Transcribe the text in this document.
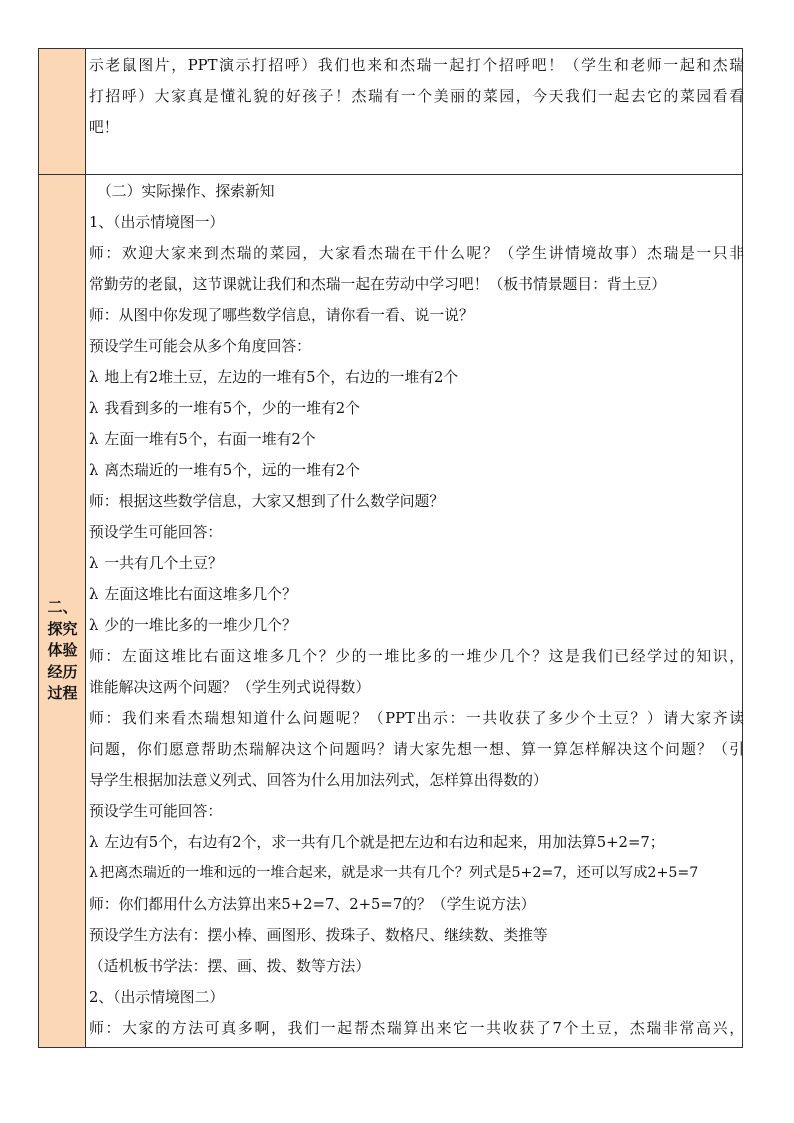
二、
探究
体验
经历
过程
示老鼠图片，PPT演示打招呼）我们也来和杰瑞一起打个招呼吧！（学生和老师一起和杰瑞
打招呼）大家真是懂礼貌的好孩子！杰瑞有一个美丽的菜园，今天我们一起去它的菜园看看
吧！
（二）实际操作、探索新知
1、（出示情境图一）
师：欢迎大家来到杰瑞的菜园，大家看杰瑞在干什么呢？（学生讲情境故事）杰瑞是一只非
常勤劳的老鼠，这节课就让我们和杰瑞一起在劳动中学习吧！（板书情景题目：背土豆）
师：从图中你发现了哪些数学信息，请你看一看、说一说？
预设学生可能会从多个角度回答：
λ 地上有2堆土豆，左边的一堆有5个，右边的一堆有2个
λ 我看到多的一堆有5个，少的一堆有2个
λ 左面一堆有5个，右面一堆有2个
λ 离杰瑞近的一堆有5个，远的一堆有2个
师：根据这些数学信息，大家又想到了什么数学问题？
预设学生可能回答：
λ 一共有几个土豆？
λ 左面这堆比右面这堆多几个？
λ 少的一堆比多的一堆少几个？
师：左面这堆比右面这堆多几个？少的一堆比多的一堆少几个？这是我们已经学过的知识，
谁能解决这两个问题？（学生列式说得数）
师：我们来看杰瑞想知道什么问题呢？（PPT出示：一共收获了多少个土豆？）请大家齐读
问题，你们愿意帮助杰瑞解决这个问题吗？请大家先想一想、算一算怎样解决这个问题？（引
导学生根据加法意义列式、回答为什么用加法列式，怎样算出得数的）
预设学生可能回答：
λ 左边有5个，右边有2个，求一共有几个就是把左边和右边和起来，用加法算5+2=7；
λ 把离杰瑞近的一堆和远的一堆合起来，就是求一共有几个？列式是5+2=7，还可以写成2+5=7
师：你们都用什么方法算出来5+2=7、2+5=7的？（学生说方法）
预设学生方法有：摆小棒、画图形、拨珠子、数格尺、继续数、类推等
（适机板书学法：摆、画、拨、数等方法）
2、（出示情境图二）
师：大家的方法可真多啊，我们一起帮杰瑞算出来它一共收获了7个土豆，杰瑞非常高兴，
